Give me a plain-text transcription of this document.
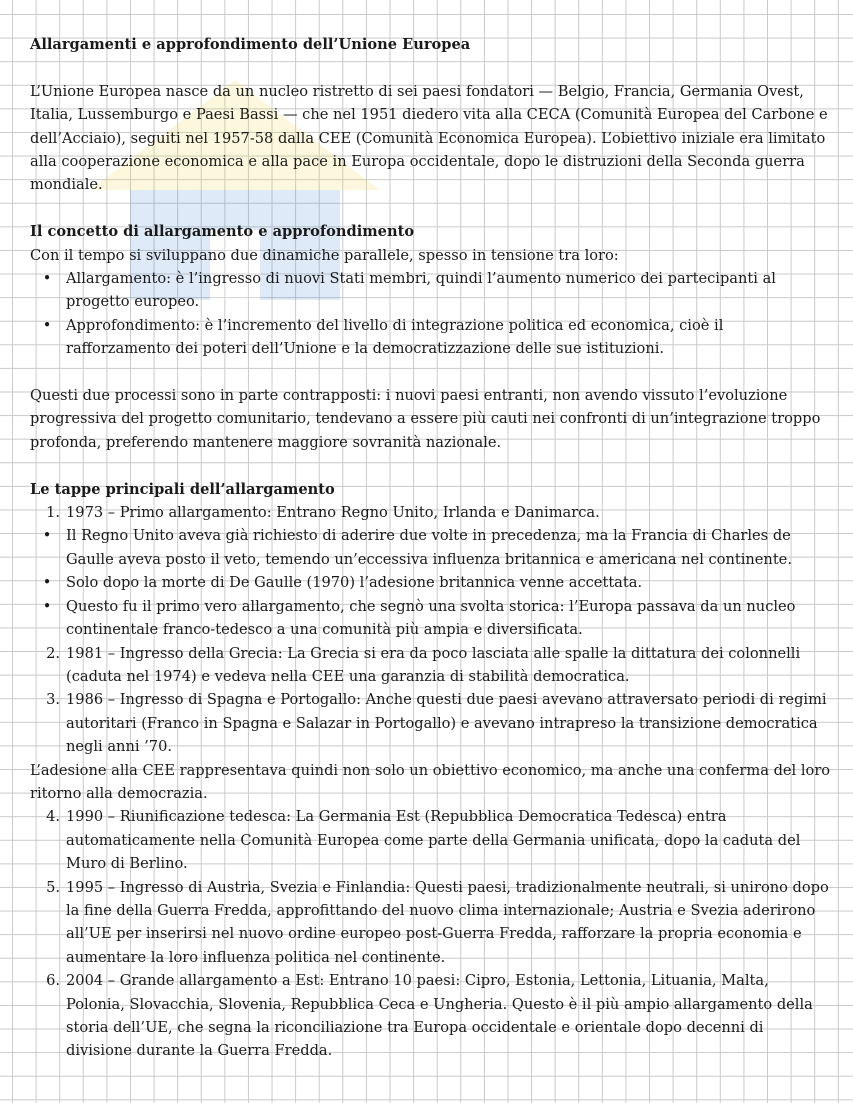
Allargamenti e approfondimento dell’Unione Europea

L’Unione Europea nasce da un nucleo ristretto di sei paesi fondatori — Belgio, Francia, Germania Ovest, Italia, Lussemburgo e Paesi Bassi — che nel 1951 diedero vita alla CECA (Comunità Europea del Carbone e dell’Acciaio), seguiti nel 1957-58 dalla CEE (Comunità Economica Europea). L’obiettivo iniziale era limitato alla cooperazione economica e alla pace in Europa occidentale, dopo le distruzioni della Seconda guerra mondiale.

Il concetto di allargamento e approfondimento

Con il tempo si sviluppano due dinamiche parallele, spesso in tensione tra loro:

• Allargamento: è l’ingresso di nuovi Stati membri, quindi l’aumento numerico dei partecipanti al progetto europeo.
• Approfondimento: è l’incremento del livello di integrazione politica ed economica, cioè il rafforzamento dei poteri dell’Unione e la democratizzazione delle sue istituzioni.

Questi due processi sono in parte contrapposti: i nuovi paesi entranti, non avendo vissuto l’evoluzione progressiva del progetto comunitario, tendevano a essere più cauti nei confronti di un’integrazione troppo profonda, preferendo mantenere maggiore sovranità nazionale.

Le tappe principali dell’allargamento
1. 1973 – Primo allargamento: Entrano Regno Unito, Irlanda e Danimarca.
• Il Regno Unito aveva già richiesto di aderire due volte in precedenza, ma la Francia di Charles de Gaulle aveva posto il veto, temendo un’eccessiva influenza britannica e americana nel continente.
• Solo dopo la morte di De Gaulle (1970) l’adesione britannica venne accettata.
• Questo fu il primo vero allargamento, che segnò una svolta storica: l’Europa passava da un nucleo continentale franco-tedesco a una comunità più ampia e diversificata.
2. 1981 – Ingresso della Grecia: La Grecia si era da poco lasciata alle spalle la dittatura dei colonnelli (caduta nel 1974) e vedeva nella CEE una garanzia di stabilità democratica.
3. 1986 – Ingresso di Spagna e Portogallo: Anche questi due paesi avevano attraversato periodi di regimi autoritari (Franco in Spagna e Salazar in Portogallo) e avevano intrapreso la transizione democratica negli anni ’70.

L’adesione alla CEE rappresentava quindi non solo un obiettivo economico, ma anche una conferma del loro ritorno alla democrazia.

4. 1990 – Riunificazione tedesca: La Germania Est (Repubblica Democratica Tedesca) entra automaticamente nella Comunità Europea come parte della Germania unificata, dopo la caduta del Muro di Berlino.
5. 1995 – Ingresso di Austria, Svezia e Finlandia: Questi paesi, tradizionalmente neutrali, si unirono dopo la fine della Guerra Fredda, approfittando del nuovo clima internazionale; Austria e Svezia aderirono all’UE per inserirsi nel nuovo ordine europeo post-Guerra Fredda, rafforzare la propria economia e aumentare la loro influenza politica nel continente.
6. 2004 – Grande allargamento a Est: Entrano 10 paesi: Cipro, Estonia, Lettonia, Lituania, Malta, Polonia, Slovacchia, Slovenia, Repubblica Ceca e Ungheria. Questo è il più ampio allargamento della storia dell’UE, che segna la riconciliazione tra Europa occidentale e orientale dopo decenni di divisione durante la Guerra Fredda.
